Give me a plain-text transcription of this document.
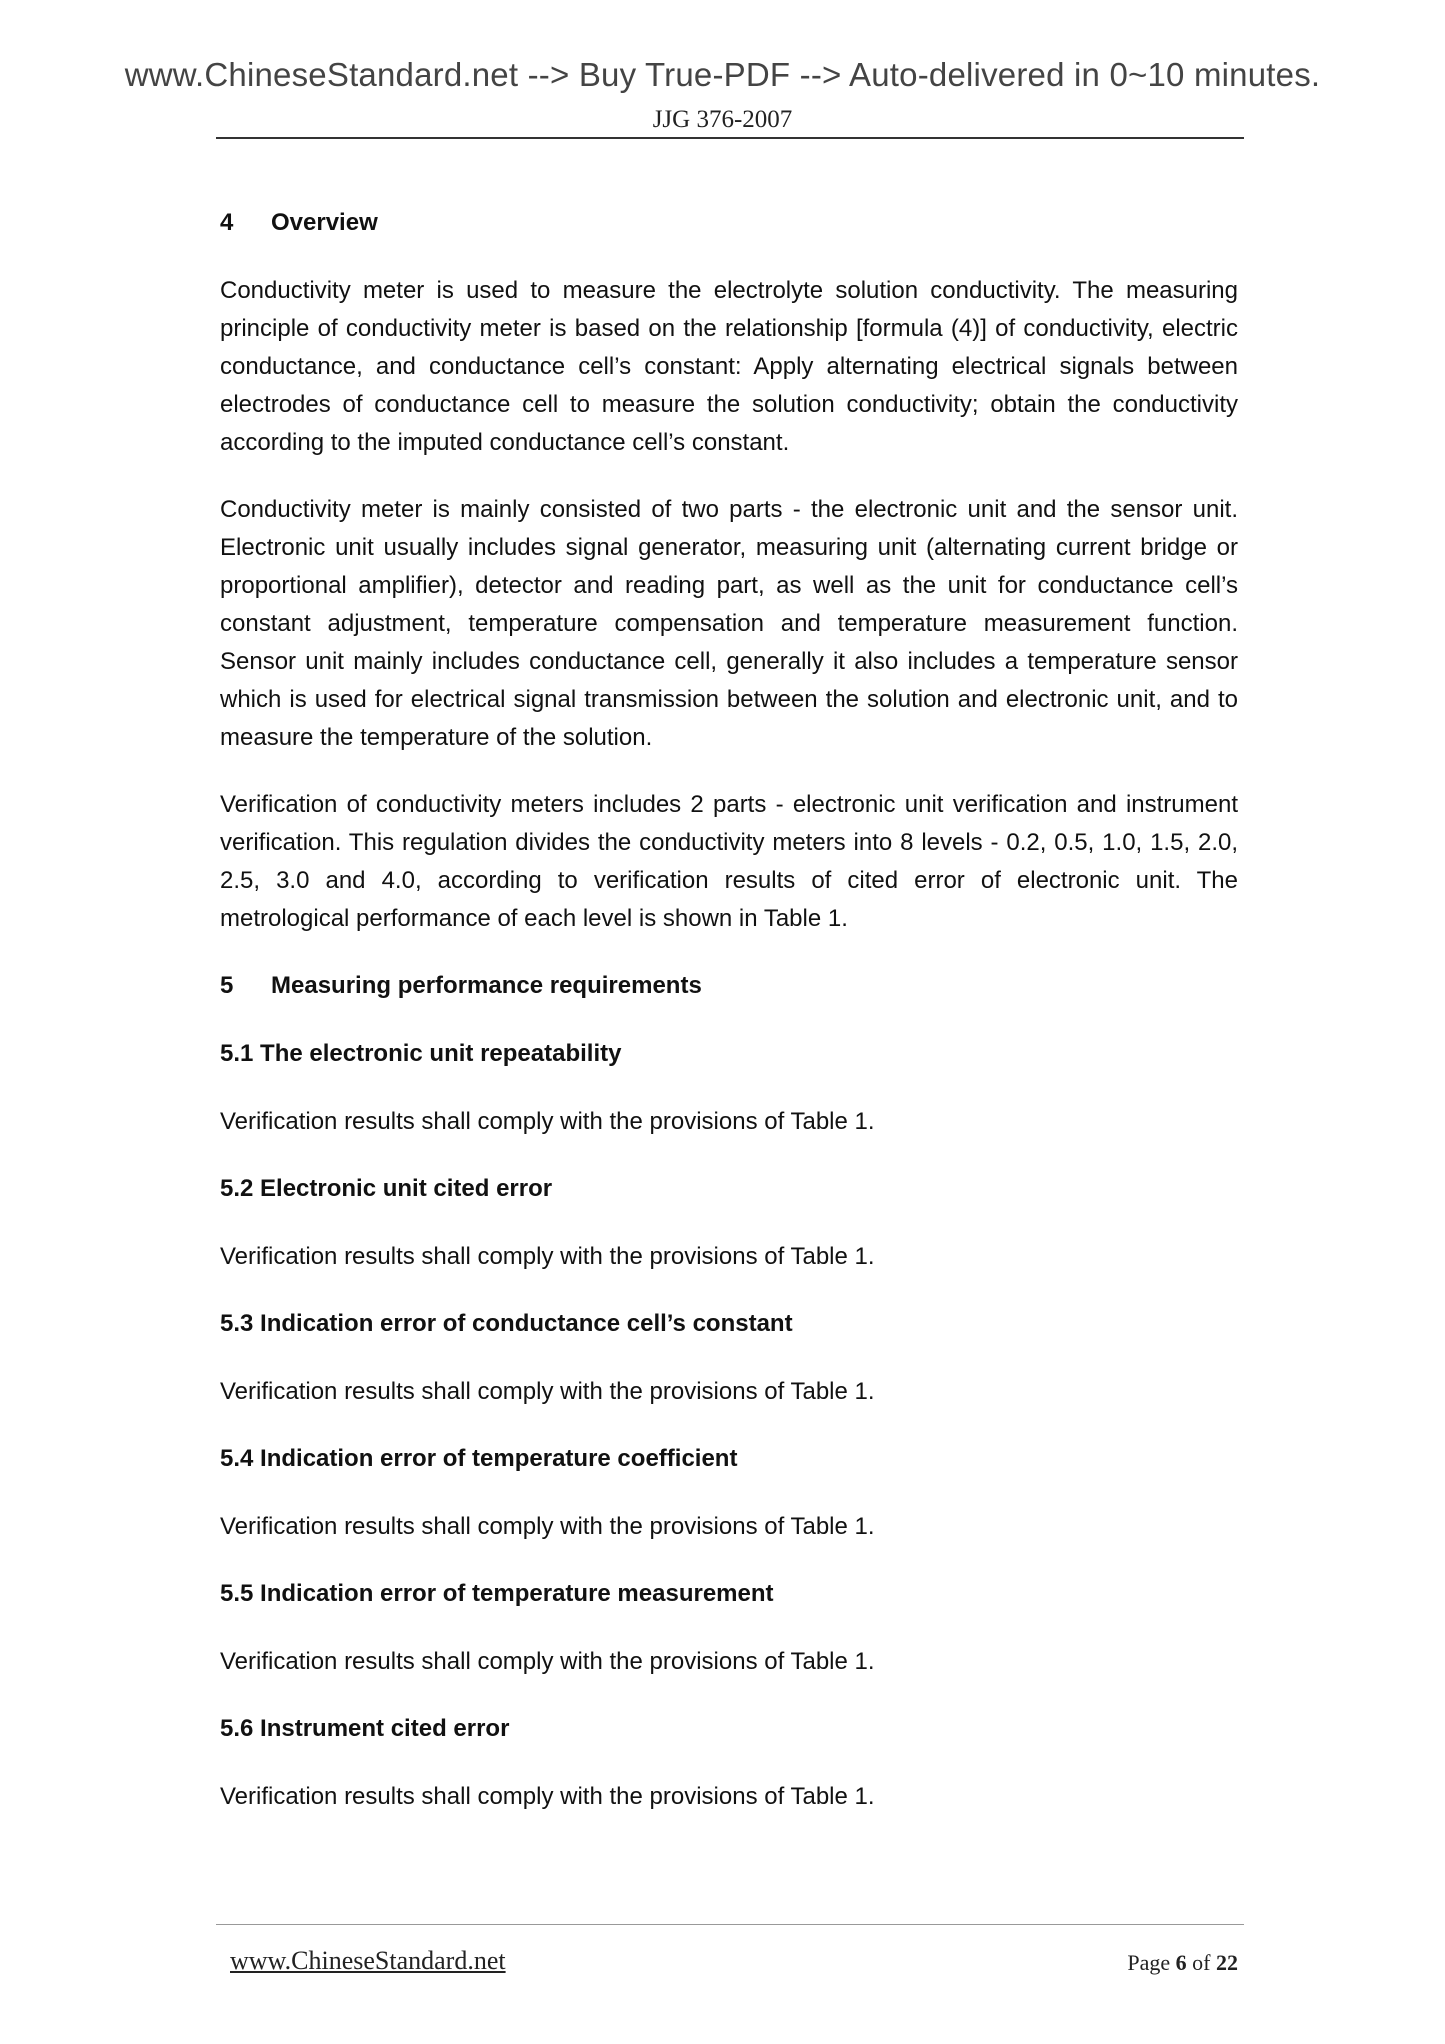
www.ChineseStandard.net --> Buy True-PDF --> Auto-delivered in 0~10 minutes.
JJG 376-2007
4 Overview

Conductivity meter is used to measure the electrolyte solution conductivity. The measuring principle of conductivity meter is based on the relationship [formula (4)] of conductivity, electric conductance, and conductance cell’s constant: Apply alternating electrical signals between electrodes of conductance cell to measure the solution conductivity; obtain the conductivity according to the imputed conductance cell’s constant.

Conductivity meter is mainly consisted of two parts - the electronic unit and the sensor unit. Electronic unit usually includes signal generator, measuring unit (alternating current bridge or proportional amplifier), detector and reading part, as well as the unit for conductance cell’s constant adjustment, temperature compensation and temperature measurement function. Sensor unit mainly includes conductance cell, generally it also includes a temperature sensor which is used for electrical signal transmission between the solution and electronic unit, and to measure the temperature of the solution.

Verification of conductivity meters includes 2 parts - electronic unit verification and instrument verification. This regulation divides the conductivity meters into 8 levels - 0.2, 0.5, 1.0, 1.5, 2.0, 2.5, 3.0 and 4.0, according to verification results of cited error of electronic unit. The metrological performance of each level is shown in Table 1.

5 Measuring performance requirements
5.1 The electronic unit repeatability

Verification results shall comply with the provisions of Table 1.

5.2 Electronic unit cited error

Verification results shall comply with the provisions of Table 1.

5.3 Indication error of conductance cell’s constant

Verification results shall comply with the provisions of Table 1.

5.4 Indication error of temperature coefficient

Verification results shall comply with the provisions of Table 1.

5.5 Indication error of temperature measurement

Verification results shall comply with the provisions of Table 1.

5.6 Instrument cited error

Verification results shall comply with the provisions of Table 1.

www.ChineseStandard.net	Page 6 of 22
